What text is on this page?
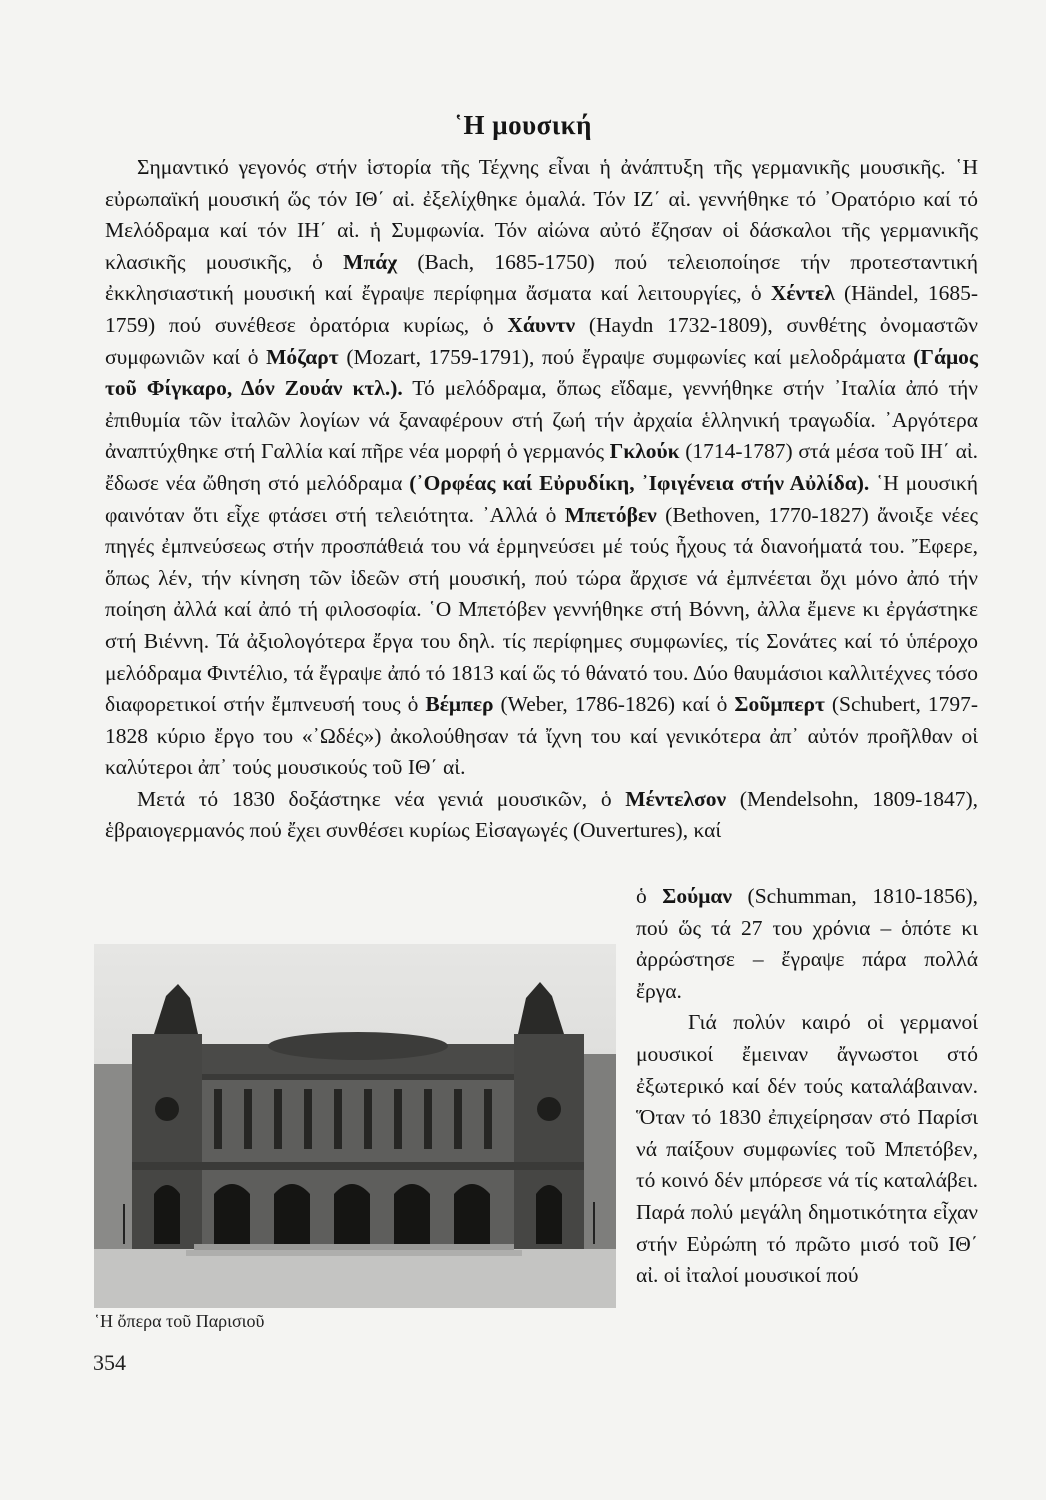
῾Η μουσική

Σημαντικό γεγονός στήν ἱστορία τῆς Τέχνης εἶναι ἡ ἀνάπτυξη τῆς γερμανικῆς μουσικῆς. ῾Η εὐρωπαϊκή μουσική ὥς τόν ΙΘ΄ αἰ. ἐξελίχθηκε ὁμαλά. Τόν ΙΖ΄ αἰ. γεννήθηκε τό ᾽Ορατόριο καί τό Μελόδραμα καί τόν ΙΗ΄ αἰ. ἡ Συμφωνία. Τόν αἰώνα αὐτό ἔζησαν οἱ δάσκαλοι τῆς γερμανικῆς κλασικῆς μουσικῆς, ὁ Μπάχ (Bach, 1685-1750) πού τελειοποίησε τήν προτεσταντική ἐκκλησιαστική μουσική καί ἔγραψε περίφημα ἄσματα καί λειτουργίες, ὁ Χέντελ (Händel, 1685-1759) πού συνέθεσε ὀρατόρια κυρίως, ὁ Χάυντν (Haydn 1732-1809), συνθέτης ὀνομαστῶν συμφωνιῶν καί ὁ Μόζαρτ (Mozart, 1759-1791), πού ἔγραψε συμφωνίες καί μελοδράματα (Γάμος τοῦ Φίγκαρο, Δόν Ζουάν κτλ.). Τό μελόδραμα, ὅπως εἴδαμε, γεννήθηκε στήν ᾽Ιταλία ἀπό τήν ἐπιθυμία τῶν ἰταλῶν λογίων νά ξαναφέρουν στή ζωή τήν ἀρχαία ἑλληνική τραγωδία. ᾽Αργότερα ἀναπτύχθηκε στή Γαλλία καί πῆρε νέα μορφή ὁ γερμανός Γκλούκ (1714-1787) στά μέσα τοῦ ΙΗ΄ αἰ. ἔδωσε νέα ὤθηση στό μελόδραμα (᾽Ορφέας καί Εὐρυδίκη, ᾽Ιφιγένεια στήν Αὐλίδα). ῾Η μουσική φαινόταν ὅτι εἶχε φτάσει στή τελειότητα. ᾽Αλλά ὁ Μπετόβεν (Bethoven, 1770-1827) ἄνοιξε νέες πηγές ἐμπνεύσεως στήν προσπάθειά του νά ἑρμηνεύσει μέ τούς ἦχους τά διανοήματά του. Ἔφερε, ὅπως λέν, τήν κίνηση τῶν ἰδεῶν στή μουσική, πού τώρα ἄρχισε νά ἐμπνέεται ὄχι μόνο ἀπό τήν ποίηση ἀλλά καί ἀπό τή φιλοσοφία. ῾Ο Μπετόβεν γεννήθηκε στή Βόννη, ἀλλα ἔμενε κι ἐργάστηκε στή Βιέννη. Τά ἀξιολογότερα ἔργα του δηλ. τίς περίφημες συμφωνίες, τίς Σονάτες καί τό ὑπέροχο μελόδραμα Φιντέλιο, τά ἔγραψε ἀπό τό 1813 καί ὥς τό θάνατό του. Δύο θαυμάσιοι καλλιτέχνες τόσο διαφορετικοί στήν ἔμπνευσή τους ὁ Βέμπερ (Weber, 1786-1826) καί ὁ Σοῦμπερτ (Schubert, 1797-1828 κύριο ἔργο του «᾽Ωδές») ἀκολούθησαν τά ἴχνη του καί γενικότερα ἀπ᾽ αὐτόν προῆλθαν οἱ καλύτεροι ἀπ᾽ τούς μουσικούς τοῦ ΙΘ΄ αἰ.

Μετά τό 1830 δοξάστηκε νέα γενιά μουσικῶν, ὁ Μέντελσον (Mendelsohn, 1809-1847), ἑβραιογερμανός πού ἔχει συνθέσει κυρίως Εἰσαγωγές (Ouvertures), καί

ὁ Σούμαν (Schumman, 1810-1856), πού ὥς τά 27 του χρόνια – ὁπότε κι ἀρρώστησε – ἔγραψε πάρα πολλά ἔργα.

Γιά πολύν καιρό οἱ γερμανοί μουσικοί ἔμειναν ἄγνωστοι στό ἐξωτερικό καί δέν τούς καταλάβαιναν. Ὅταν τό 1830 ἐπιχείρησαν στό Παρίσι νά παίξουν συμφωνίες τοῦ Μπετόβεν, τό κοινό δέν μπόρεσε νά τίς καταλάβει. Παρά πολύ μεγάλη δημοτικότητα εἶχαν στήν Εὐρώπη τό πρῶτο μισό τοῦ ΙΘ΄ αἰ. οἱ ἰταλοί μουσικοί πού

῾Η ὄπερα τοῦ Παρισιοῦ
354
